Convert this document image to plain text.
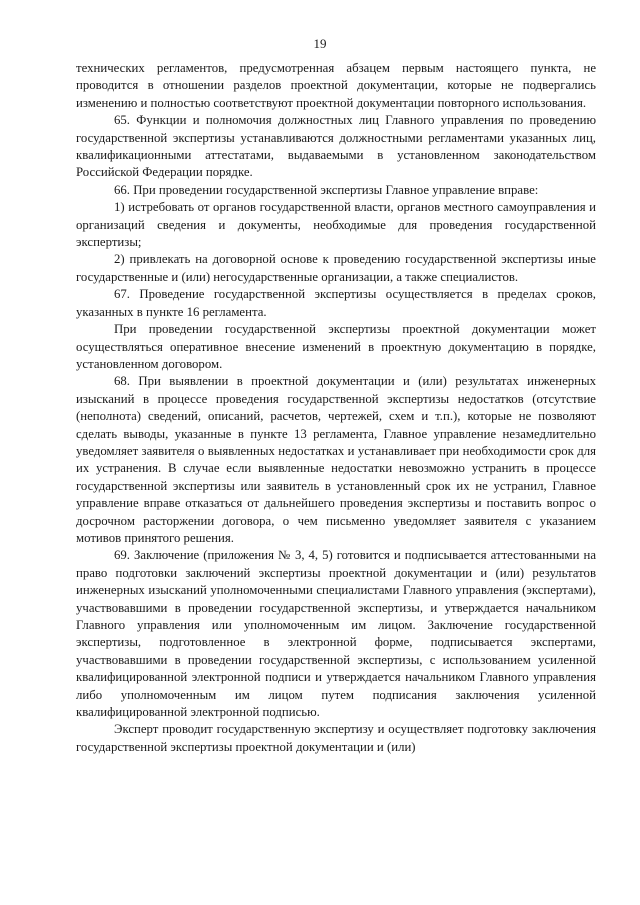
19

технических регламентов, предусмотренная абзацем первым настоящего пункта, не проводится в отношении разделов проектной документации, которые не подвергались изменению и полностью соответствуют проектной документации повторного использования.

65. Функции и полномочия должностных лиц Главного управления по проведению государственной экспертизы устанавливаются должностными регламентами указанных лиц, квалификационными аттестатами, выдаваемыми в установленном законодательством Российской Федерации порядке.

66. При проведении государственной экспертизы Главное управление вправе:

1) истребовать от органов государственной власти, органов местного самоуправления и организаций сведения и документы, необходимые для проведения государственной экспертизы;

2) привлекать на договорной основе к проведению государственной экспертизы иные государственные и (или) негосударственные организации, а также специалистов.

67. Проведение государственной экспертизы осуществляется в пределах сроков, указанных в пункте 16 регламента.

При проведении государственной экспертизы проектной документации может осуществляться оперативное внесение изменений в проектную документацию в порядке, установленном договором.

68. При выявлении в проектной документации и (или) результатах инженерных изысканий в процессе проведения государственной экспертизы недостатков (отсутствие (неполнота) сведений, описаний, расчетов, чертежей, схем и т.п.), которые не позволяют сделать выводы, указанные в пункте 13 регламента, Главное управление незамедлительно уведомляет заявителя о выявленных недостатках и устанавливает при необходимости срок для их устранения. В случае если выявленные недостатки невозможно устранить в процессе государственной экспертизы или заявитель в установленный срок их не устранил, Главное управление вправе отказаться от дальнейшего проведения экспертизы и поставить вопрос о досрочном расторжении договора, о чем письменно уведомляет заявителя с указанием мотивов принятого решения.

69. Заключение (приложения № 3, 4, 5) готовится и подписывается аттестованными на право подготовки заключений экспертизы проектной документации и (или) результатов инженерных изысканий уполномоченными специалистами Главного управления (экспертами), участвовавшими в проведении государственной экспертизы, и утверждается начальником Главного управления или уполномоченным им лицом. Заключение государственной экспертизы, подготовленное в электронной форме, подписывается экспертами, участвовавшими в проведении государственной экспертизы, с использованием усиленной квалифицированной электронной подписи и утверждается начальником Главного управления либо уполномоченным им лицом путем подписания заключения усиленной квалифицированной электронной подписью.

Эксперт проводит государственную экспертизу и осуществляет подготовку заключения государственной экспертизы проектной документации и (или)
